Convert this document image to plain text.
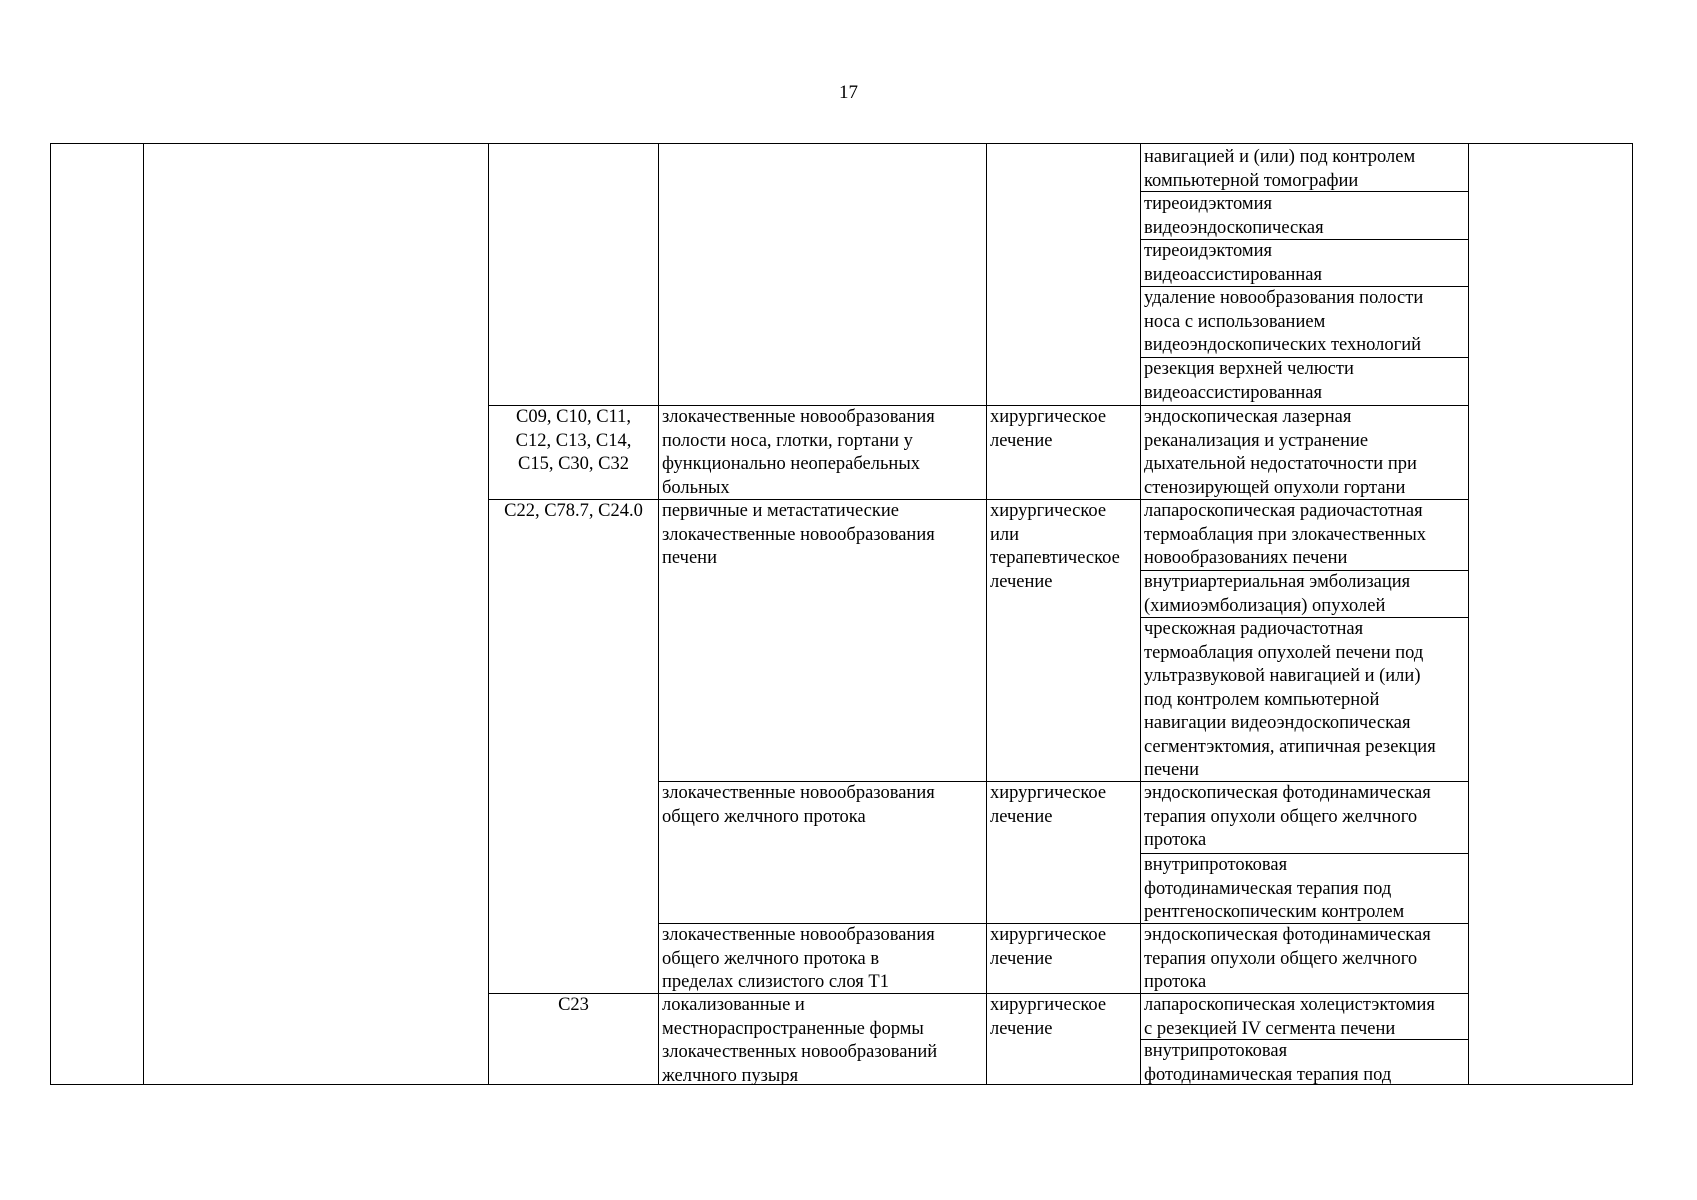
17
навигацией и (или) под контролем
компьютерной томографии
тиреоидэктомия
видеоэндоскопическая
тиреоидэктомия
видеоассистированная
удаление новообразования полости
носа с использованием
видеоэндоскопических технологий
резекция верхней челюсти
видеоассистированная
C09, C10, C11,
C12, C13, C14,
C15, C30, C32
злокачественные новообразования
полости носа, глотки, гортани у
функционально неоперабельных
больных
хирургическое
лечение
эндоскопическая лазерная
реканализация и устранение
дыхательной недостаточности при
стенозирующей опухоли гортани
C22, C78.7, C24.0	первичные и метастатические
злокачественные новообразования
печени
хирургическое
или
терапевтическое
лечение
лапароскопическая радиочастотная
термоаблация при злокачественных
новообразованиях печени
внутриартериальная эмболизация
(химиоэмболизация) опухолей
чрескожная радиочастотная
термоаблация опухолей печени под
ультразвуковой навигацией и (или)
под контролем компьютерной
навигации видеоэндоскопическая
сегментэктомия, атипичная резекция
печени
злокачественные новообразования
общего желчного протока
хирургическое
лечение
эндоскопическая фотодинамическая
терапия опухоли общего желчного
протока
внутрипротоковая
фотодинамическая терапия под
рентгеноскопическим контролем
злокачественные новообразования
общего желчного протока в
пределах слизистого слоя T1
хирургическое
лечение
эндоскопическая фотодинамическая
терапия опухоли общего желчного
протока
C23	локализованные и
местнораспространенные формы
злокачественных новообразований
желчного пузыря
хирургическое
лечение
лапароскопическая холецистэктомия
с резекцией IV сегмента печени
внутрипротоковая
фотодинамическая терапия под
